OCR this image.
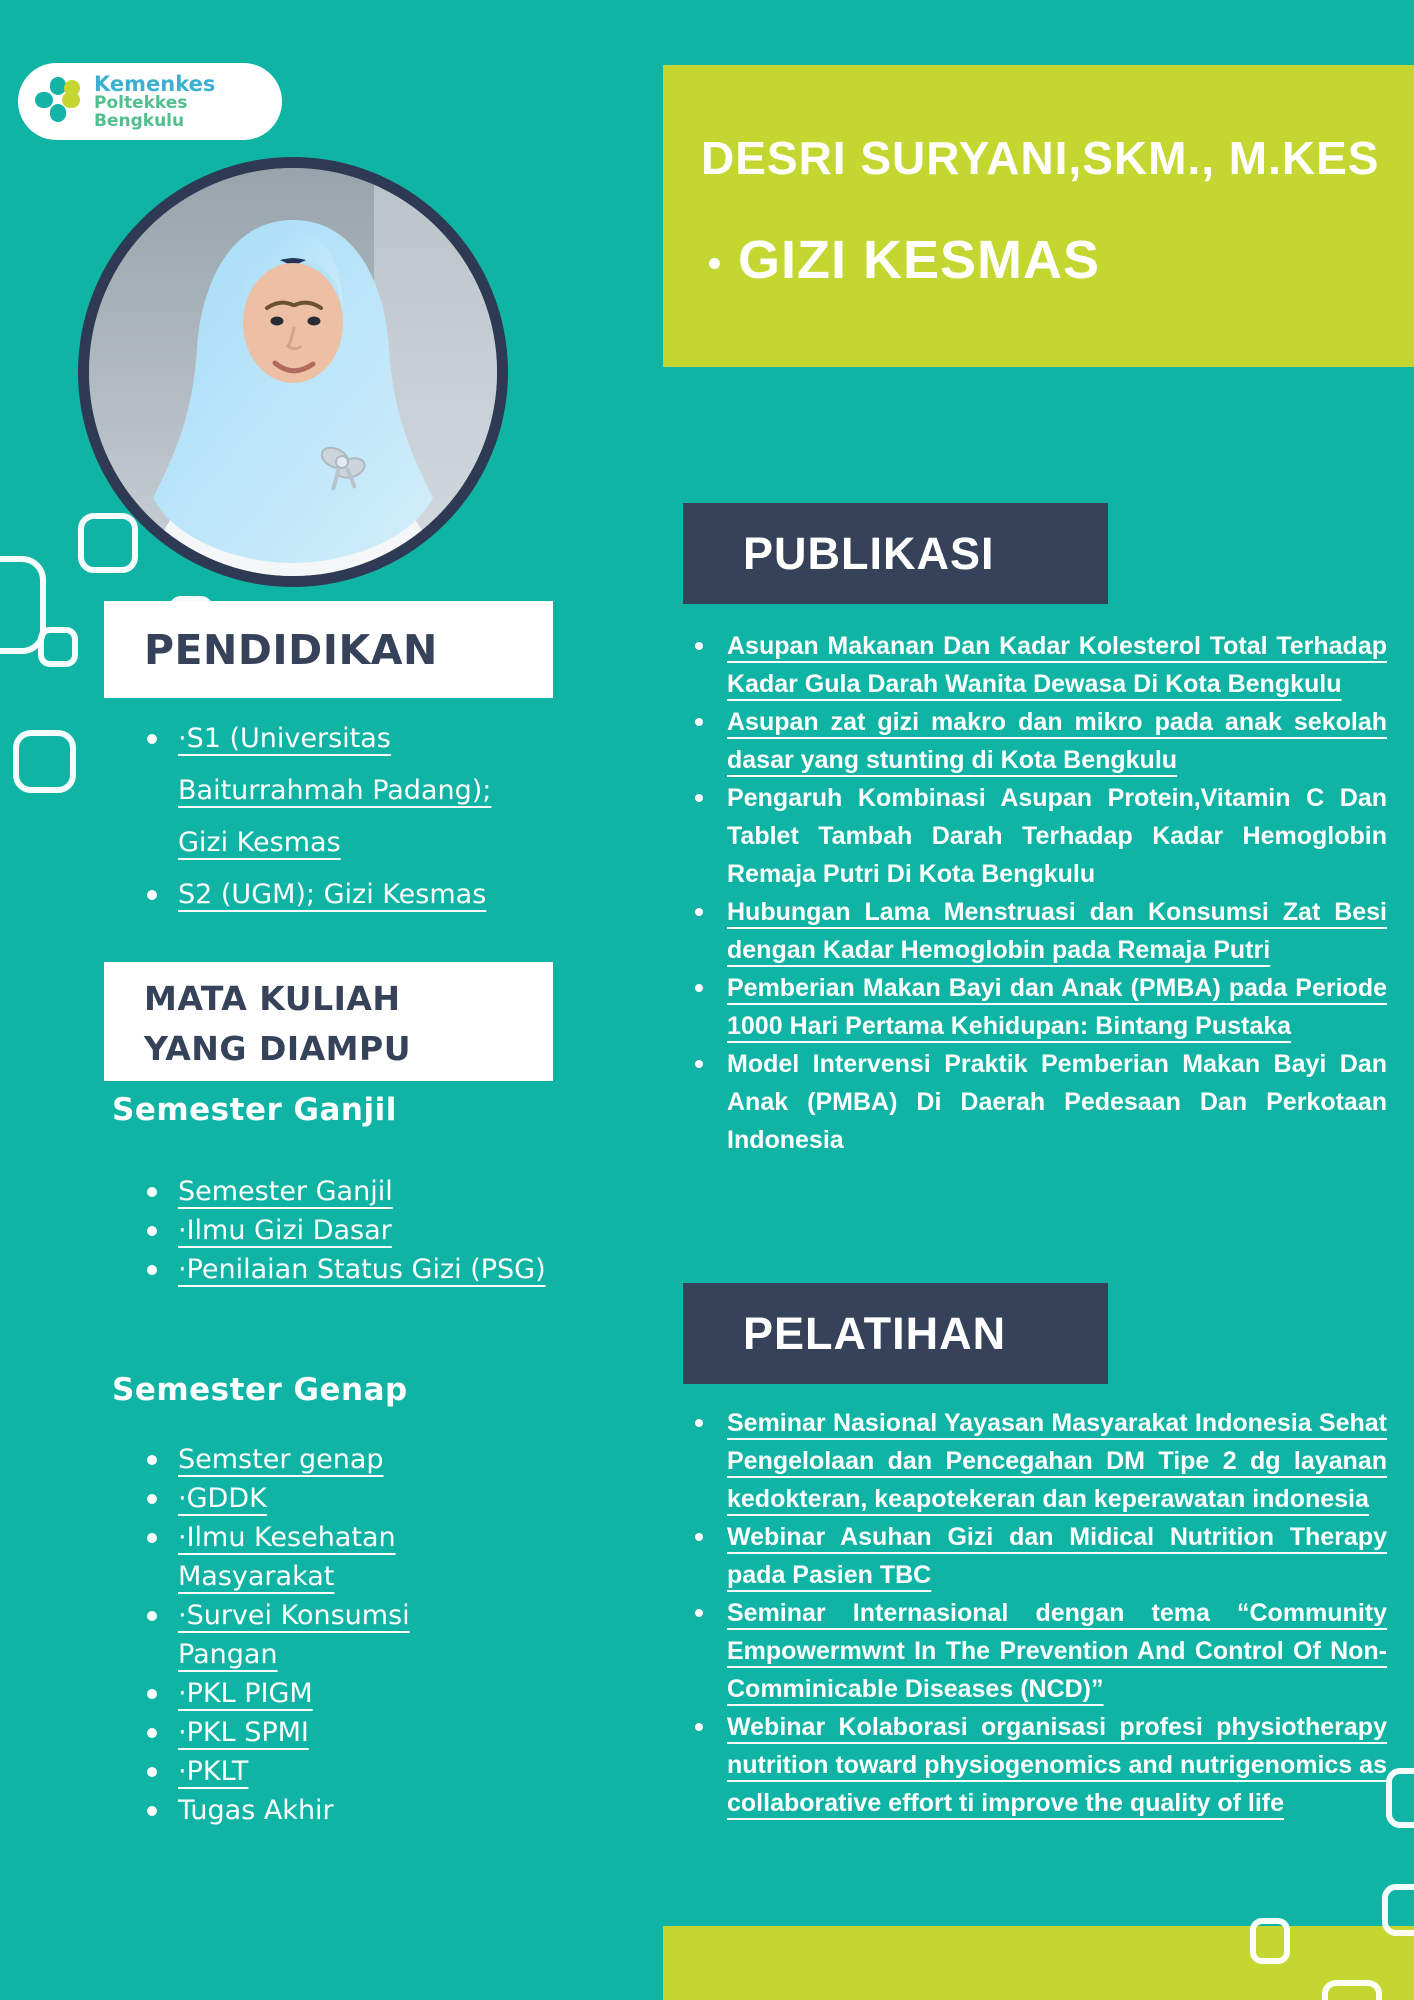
Kemenkes
Poltekkes Bengkulu
DESRI SURYANI,SKM., M.KES
GIZI KESMAS
PENDIDIKAN
·S1 (Universitas Baiturrahmah Padang); Gizi Kesmas
S2 (UGM); Gizi Kesmas
MATA KULIAH
YANG DIAMPU
Semester Ganjil
Semester Ganjil
·Ilmu Gizi Dasar
·Penilaian Status Gizi (PSG)
Semester Genap
Semster genap
·GDDK
·Ilmu Kesehatan Masyarakat
·Survei Konsumsi Pangan
·PKL PIGM
·PKL SPMI
·PKLT
Tugas Akhir
PUBLIKASI
Asupan Makanan Dan Kadar Kolesterol Total Terhadap Kadar Gula Darah Wanita Dewasa Di Kota Bengkulu
Asupan zat gizi makro dan mikro pada anak sekolah dasar yang stunting di Kota Bengkulu
Pengaruh Kombinasi Asupan Protein,Vitamin C Dan Tablet Tambah Darah Terhadap Kadar Hemoglobin Remaja Putri Di Kota Bengkulu
Hubungan Lama Menstruasi dan Konsumsi Zat Besi dengan Kadar Hemoglobin pada Remaja Putri
Pemberian Makan Bayi dan Anak (PMBA) pada Periode 1000 Hari Pertama Kehidupan: Bintang Pustaka
Model Intervensi Praktik Pemberian Makan Bayi Dan Anak (PMBA) Di Daerah Pedesaan Dan Perkotaan Indonesia
PELATIHAN
Seminar Nasional Yayasan Masyarakat Indonesia Sehat Pengelolaan dan Pencegahan DM Tipe 2 dg layanan kedokteran, keapotekeran dan keperawatan indonesia
Webinar Asuhan Gizi dan Midical Nutrition Therapy pada Pasien TBC
Seminar Internasional dengan tema “Community Empowermwnt In The Prevention And Control Of Non-Comminicable Diseases (NCD)”
Webinar Kolaborasi organisasi profesi physiotherapy nutrition toward physiogenomics and nutrigenomics as collaborative effort ti improve the quality of life
